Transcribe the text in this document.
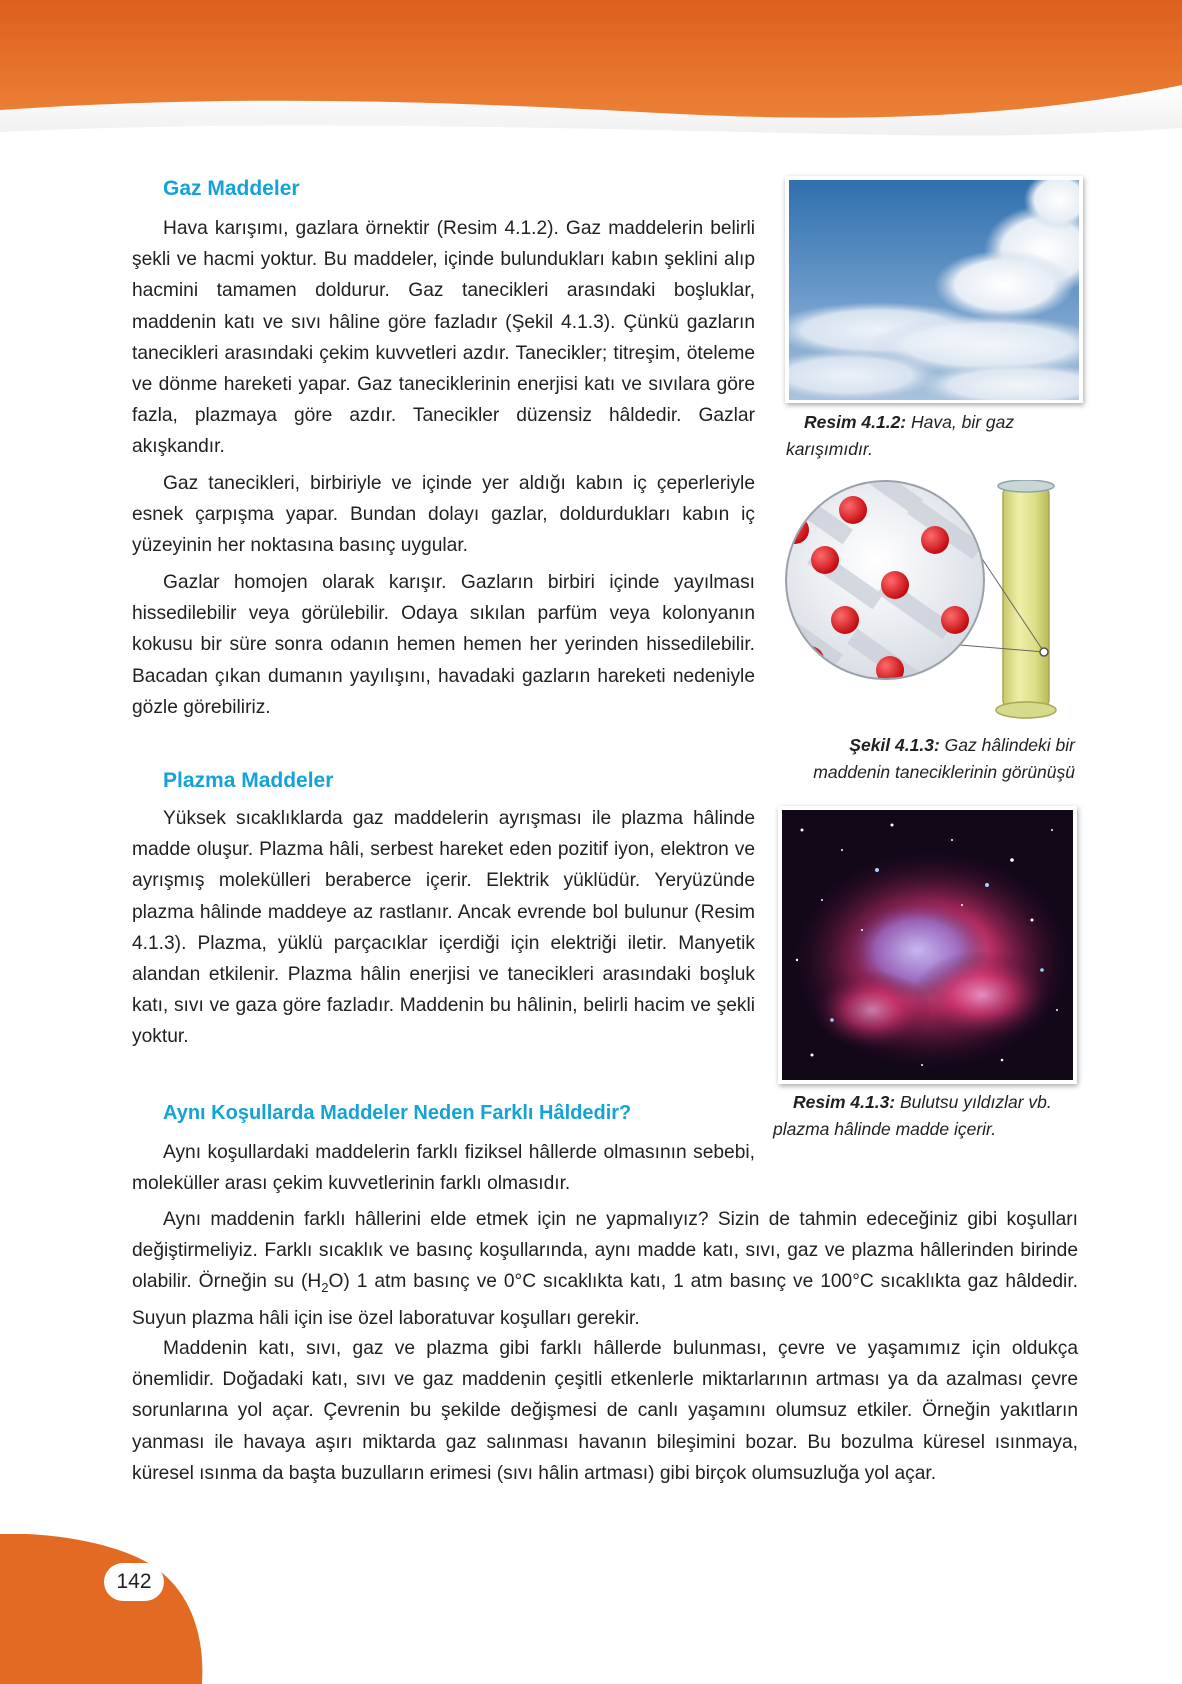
Gaz Maddeler

Hava karışımı, gazlara örnektir (Resim 4.1.2). Gaz maddelerin belirli şekli ve hacmi yoktur. Bu maddeler, içinde bulundukları kabın şeklini alıp hacmini tamamen doldurur. Gaz tanecikleri arasındaki boşluklar, maddenin katı ve sıvı hâline göre fazladır (Şekil 4.1.3). Çünkü gazların tanecikleri arasındaki çekim kuvvetleri azdır. Tanecikler; titreşim, öteleme ve dönme hareketi yapar. Gaz taneciklerinin enerjisi katı ve sıvılara göre fazla, plazmaya göre azdır. Tanecikler düzensiz hâldedir. Gazlar akışkandır.

Gaz tanecikleri, birbiriyle ve içinde yer aldığı kabın iç çeperleriyle esnek çarpışma yapar. Bundan dolayı gazlar, doldurdukları kabın iç yüzeyinin her noktasına basınç uygular.

Gazlar homojen olarak karışır. Gazların birbiri içinde yayılması hissedilebilir veya görülebilir. Odaya sıkılan parfüm veya kolonyanın kokusu bir süre sonra odanın hemen hemen her yerinden hissedilebilir. Bacadan çıkan dumanın yayılışını, havadaki gazların hareketi nedeniyle gözle görebiliriz.

Plazma Maddeler

Yüksek sıcaklıklarda gaz maddelerin ayrışması ile plazma hâlinde madde oluşur. Plazma hâli, serbest hareket eden pozitif iyon, elektron ve ayrışmış molekülleri beraberce içerir. Elektrik yüklüdür. Yeryüzünde plazma hâlinde maddeye az rastlanır. Ancak evrende bol bulunur (Resim 4.1.3). Plazma, yüklü parçacıklar içerdiği için elektriği iletir. Manyetik alandan etkilenir. Plazma hâlin enerjisi ve tanecikleri arasındaki boşluk katı, sıvı ve gaza göre fazladır. Maddenin bu hâlinin, belirli hacim ve şekli yoktur.

Aynı Koşullarda Maddeler Neden Farklı Hâldedir?

Aynı koşullardaki maddelerin farklı fiziksel hâllerde olmasının sebebi, moleküller arası çekim kuvvetlerinin farklı olmasıdır.

Aynı maddenin farklı hâllerini elde etmek için ne yapmalıyız? Sizin de tahmin edeceğiniz gibi koşulları değiştirmeliyiz. Farklı sıcaklık ve basınç koşullarında, aynı madde katı, sıvı, gaz ve plazma hâllerinden birinde olabilir. Örneğin su $(H_2O)$ 1 atm basınç ve 0°C sıcaklıkta katı, 1 atm basınç ve 100°C sıcaklıkta gaz hâldedir. Suyun plazma hâli için ise özel laboratuvar koşulları gerekir.

Maddenin katı, sıvı, gaz ve plazma gibi farklı hâllerde bulunması, çevre ve yaşamımız için oldukça önemlidir. Doğadaki katı, sıvı ve gaz maddenin çeşitli etkenlerle miktarlarının artması ya da azalması çevre sorunlarına yol açar. Çevrenin bu şekilde değişmesi de canlı yaşamını olumsuz etkiler. Örneğin yakıtların yanması ile havaya aşırı miktarda gaz salınması havanın bileşimini bozar. Bu bozulma küresel ısınmaya, küresel ısınma da başta buzulların erimesi (sıvı hâlin artması) gibi birçok olumsuzluğa yol açar.

Resim 4.1.2: Hava, bir gaz karışımıdır.

Şekil 4.1.3: Gaz hâlindeki bir maddenin taneciklerinin görünüşü

Resim 4.1.3: Bulutsu yıldızlar vb. plazma hâlinde madde içerir.

142
